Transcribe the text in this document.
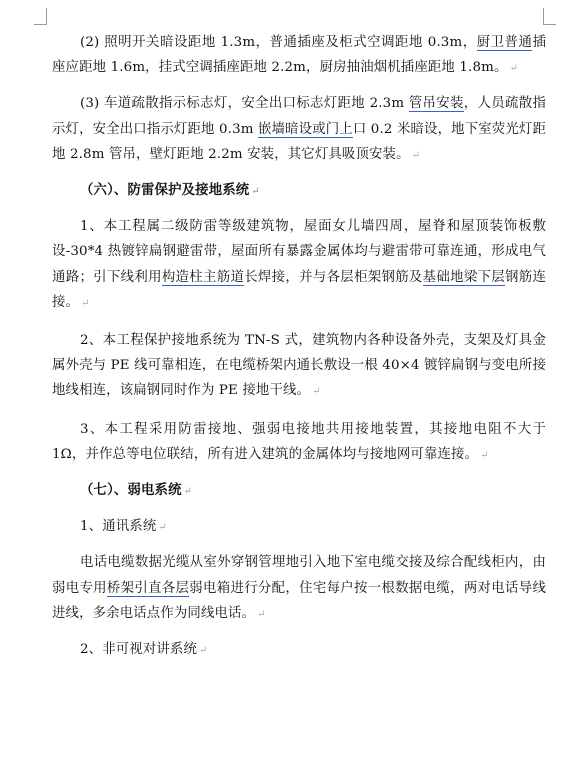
(2) 照明开关暗设距地 1.3m，普通插座及柜式空调距地 0.3m，厨卫普通插座应距地 1.6m，挂式空调插座距地 2.2m，厨房抽油烟机插座距地 1.8m。 ↵

(3) 车道疏散指示标志灯，安全出口标志灯距地 2.3m 管吊安装，人员疏散指示灯，安全出口指示灯距地 0.3m 嵌墙暗设或门上口 0.2 米暗设，地下室荧光灯距地 2.8m 管吊，壁灯距地 2.2m 安装，其它灯具吸顶安装。 ↵

（六）、防雷保护及接地系统 ↵

1、本工程属二级防雷等级建筑物，屋面女儿墙四周，屋脊和屋顶装饰板敷设-30*4 热镀锌扁钢避雷带，屋面所有暴露金属体均与避雷带可靠连通，形成电气通路；引下线利用构造柱主筋道长焊接，并与各层柜架钢筋及基础地梁下层钢筋连接。 ↵

2、本工程保护接地系统为 TN-S 式，建筑物内各种设备外壳，支架及灯具金属外壳与 PE 线可靠相连，在电缆桥架内通长敷设一根 40×4 镀锌扁钢与变电所接地线相连，该扁钢同时作为 PE 接地干线。 ↵

3、本工程采用防雷接地、强弱电接地共用接地装置，其接地电阻不大于 1Ω，并作总等电位联结，所有进入建筑的金属体均与接地网可靠连接。 ↵

（七）、弱电系统 ↵

1、通讯系统 ↵

电话电缆数据光缆从室外穿钢管埋地引入地下室电缆交接及综合配线柜内，由弱电专用桥架引直各层弱电箱进行分配，住宅每户按一根数据电缆，两对电话导线进线，多余电话点作为同线电话。 ↵

2、非可视对讲系统 ↵
